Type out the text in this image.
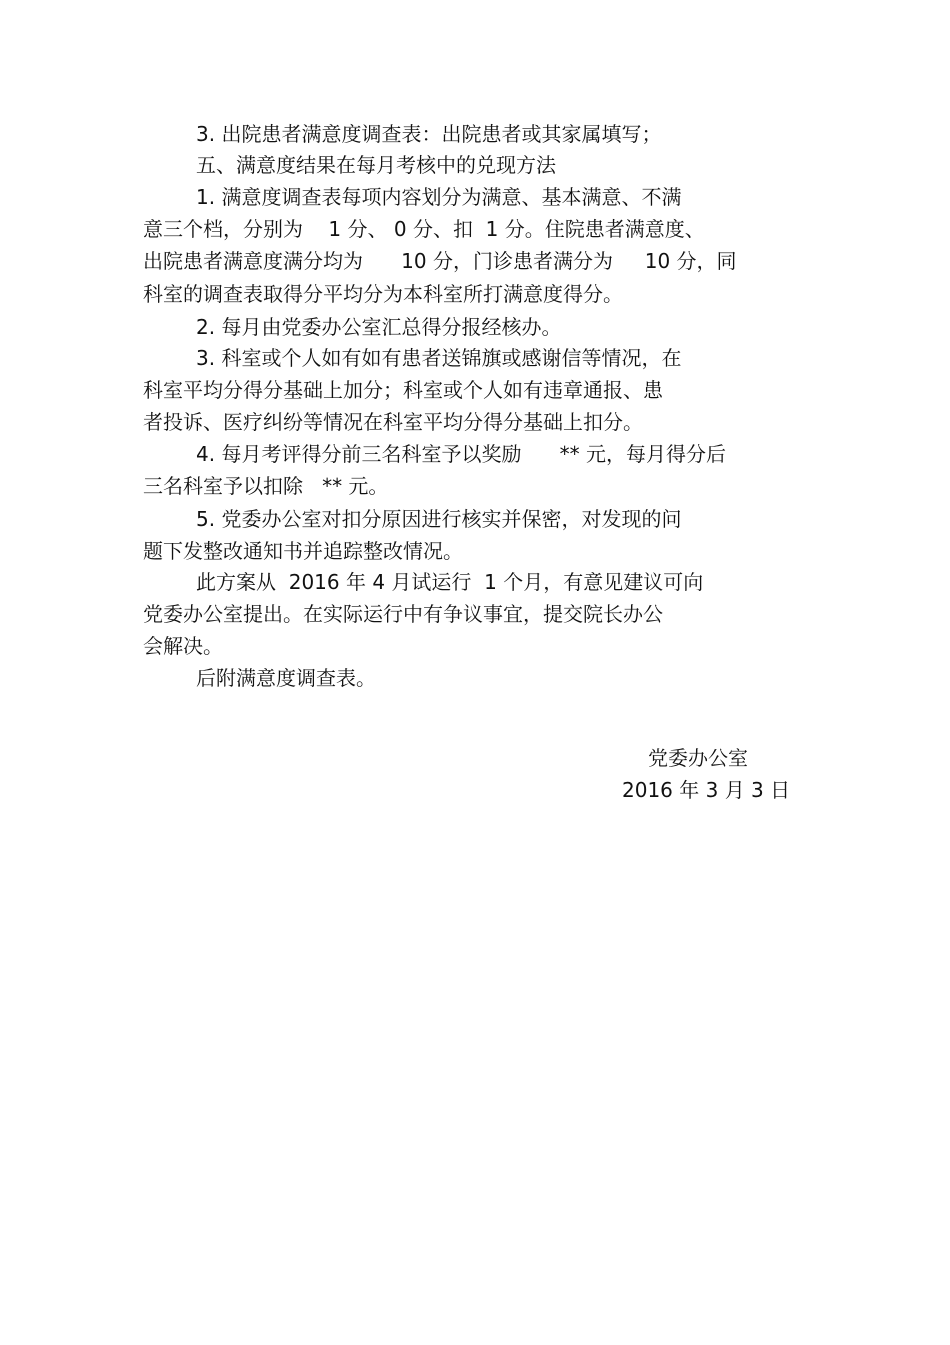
3. 出院患者满意度调查表：出院患者或其家属填写；
五、满意度结果在每月考核中的兑现方法
1. 满意度调查表每项内容划分为满意、基本满意、不满
意三个档，分别为    1 分、 0 分、扣  1 分。住院患者满意度、
出院患者满意度满分均为      10 分，门诊患者满分为     10 分，同
科室的调查表取得分平均分为本科室所打满意度得分。
2. 每月由党委办公室汇总得分报经核办。
3. 科室或个人如有如有患者送锦旗或感谢信等情况，在
科室平均分得分基础上加分；科室或个人如有违章通报、患
者投诉、医疗纠纷等情况在科室平均分得分基础上扣分。
4. 每月考评得分前三名科室予以奖励      ** 元，每月得分后
三名科室予以扣除   ** 元。
5. 党委办公室对扣分原因进行核实并保密，对发现的问
题下发整改通知书并追踪整改情况。
此方案从  2016 年 4 月试运行  1 个月，有意见建议可向
党委办公室提出。在实际运行中有争议事宜，提交院长办公
会解决。
后附满意度调查表。
党委办公室
2016 年 3 月 3 日
